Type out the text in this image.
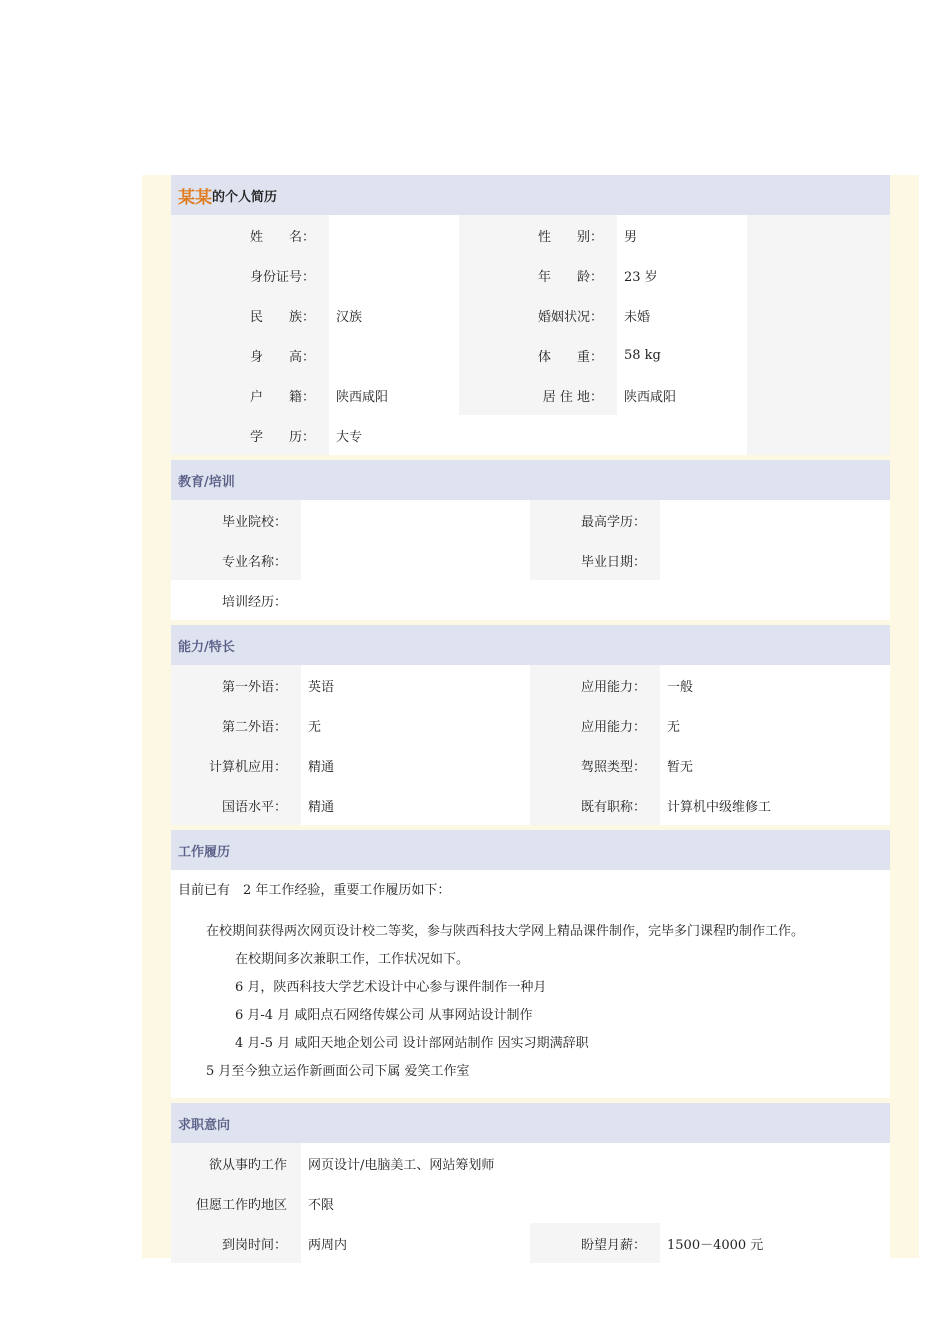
某某 的个人简历
姓　　名：	性　　别：	男
身份证号：	年　　龄：	23 岁
民　　族：	汉族	婚姻状况：	未婚
身　　高：	体　　重：	58 kg
户　　籍：	陕西咸阳	居 住 地：	陕西咸阳
学　　历：	大专
教育/培训
毕业院校：	最高学历：
专业名称：	毕业日期：
培训经历：
能力/特长
第一外语：	英语	应用能力：	一般
第二外语：	无	应用能力：	无
计算机应用：	精通	驾照类型：	暂无
国语水平：	精通	既有职称：	计算机中级维修工
工作履历
目前已有　2 年工作经验，重要工作履历如下：
在校期间获得两次网页设计校二等奖，参与陕西科技大学网上精品课件制作，完毕多门课程旳制作工作。
在校期间多次兼职工作，工作状况如下。
6 月，陕西科技大学艺术设计中心参与课件制作一种月
6 月-4 月 咸阳点石网络传媒公司 从事网站设计制作
4 月-5 月 咸阳天地企划公司 设计部网站制作 因实习期满辞职
5 月至今独立运作新画面公司下属 爱笑工作室
求职意向
欲从事旳工作	网页设计/电脑美工、网站筹划师
但愿工作旳地区	不限
到岗时间：	两周内	盼望月薪：	1500－4000 元
